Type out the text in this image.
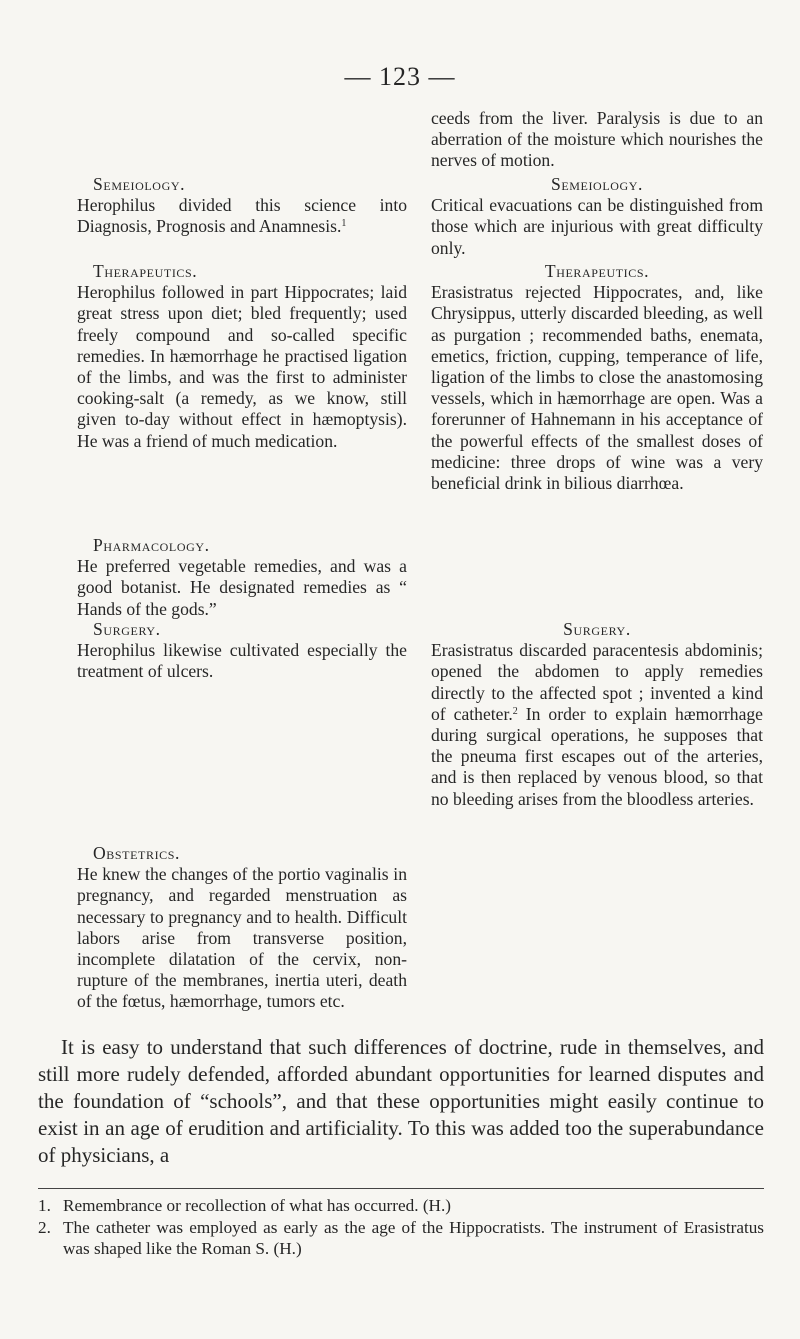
— 123 —
Semeiology.
Herophilus divided this science into Diagnosis, Prognosis and Anamnesis.$^1$
Therapeutics.
Herophilus followed in part Hippocrates; laid great stress upon diet; bled frequently; used freely compound and so-called specific remedies. In hæmorrhage he practised ligation of the limbs, and was the first to administer cooking-salt (a remedy, as we know, still given to-day without effect in hæmoptysis). He was a friend of much medication.
Pharmacology.
He preferred vegetable remedies, and was a good botanist. He designated remedies as “ Hands of the gods.”
Surgery.
Herophilus likewise cultivated especially the treatment of ulcers.
Obstetrics.
He knew the changes of the portio vaginalis in pregnancy, and regarded menstruation as necessary to pregnancy and to health. Difficult labors arise from transverse position, incomplete dilatation of the cervix, non-rupture of the membranes, inertia uteri, death of the fœtus, hæmorrhage, tumors etc.
ceeds from the liver. Paralysis is due to an aberration of the moisture which nourishes the nerves of motion.
Semeiology.
Critical evacuations can be distinguished from those which are injurious with great difficulty only.
Therapeutics.
Erasistratus rejected Hippocrates, and, like Chrysippus, utterly discarded bleeding, as well as purgation ; recommended baths, enemata, emetics, friction, cupping, temperance of life, ligation of the limbs to close the anastomosing vessels, which in hæmorrhage are open. Was a forerunner of Hahnemann in his acceptance of the powerful effects of the smallest doses of medicine: three drops of wine was a very beneficial drink in bilious diarrhœa.
Surgery.
Erasistratus discarded paracentesis abdominis; opened the abdomen to apply remedies directly to the affected spot ; invented a kind of catheter.$^2$ In order to explain hæmorrhage during surgical operations, he supposes that the pneuma first escapes out of the arteries, and is then replaced by venous blood, so that no bleeding arises from the bloodless arteries.
It is easy to understand that such differences of doctrine, rude in themselves, and still more rudely defended, afforded abundant opportunities for learned disputes and the foundation of “schools”, and that these opportunities might easily continue to exist in an age of erudition and artificiality. To this was added too the superabundance of physicians, a
1. Remembrance or recollection of what has occurred. (H.)
2. The catheter was employed as early as the age of the Hippocratists. The instrument of Erasistratus was shaped like the Roman S. (H.)
